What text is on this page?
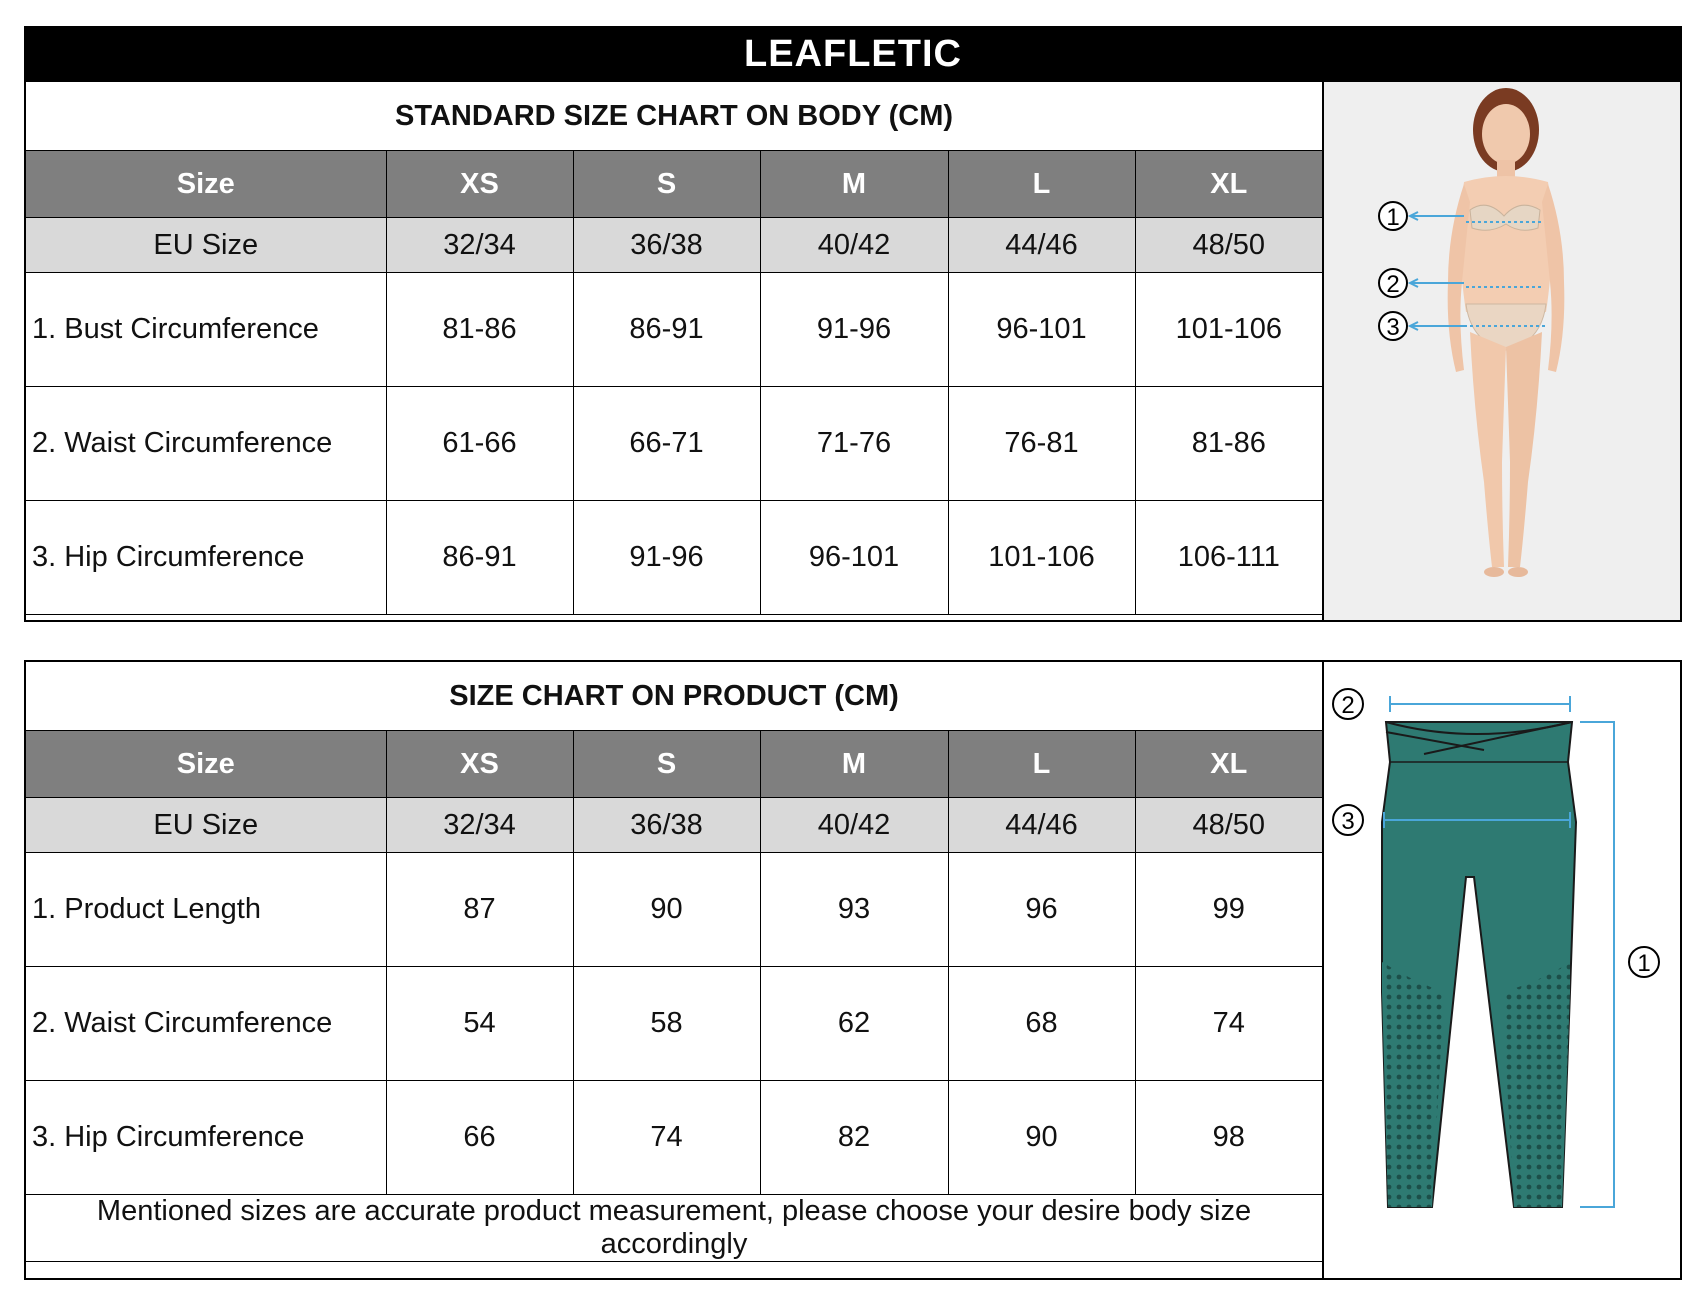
LEAFLETIC
STANDARD SIZE CHART ON BODY (CM)					
Size	XS	S	M	L	XL
EU Size	32/34	36/38	40/42	44/46	48/50
1. Bust Circumference	81-86	86-91	91-96	96-101	101-106
2. Waist Circumference	61-66	66-71	71-76	76-81	81-86
3. Hip Circumference	86-91	91-96	96-101	101-106	106-111
1
2
3
SIZE CHART ON PRODUCT (CM)					
Size	XS	S	M	L	XL
EU Size	32/34	36/38	40/42	44/46	48/50
1. Product Length	87	90	93	96	99
2. Waist Circumference	54	58	62	68	74
3. Hip Circumference	66	74	82	90	98
Mentioned sizes are accurate product measurement, please choose your desire body size accordingly					
2
3
1
